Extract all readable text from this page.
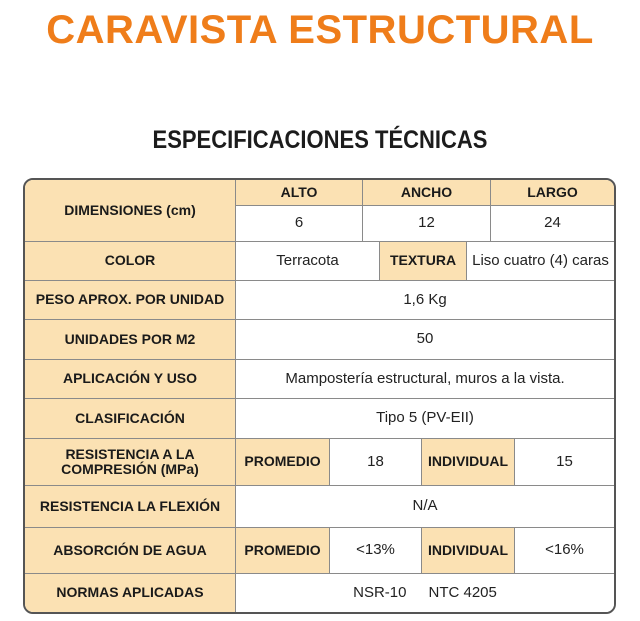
CARAVISTA ESTRUCTURAL
ESPECIFICACIONES TÉCNICAS
DIMENSIONES (cm)
ALTO	ANCHO	LARGO
6	12	24
COLOR	Terracota	TEXTURA	Liso cuatro (4) caras
PESO APROX. POR UNIDAD	1,6 Kg
UNIDADES POR M2	50
APLICACIÓN Y USO	Mampostería estructural, muros a la vista.
CLASIFICACIÓN	Tipo 5 (PV-EII)
RESISTENCIA A LA
COMPRESIÓN (MPa)	PROMEDIO	18	INDIVIDUAL	15
RESISTENCIA LA FLEXIÓN	N/A
ABSORCIÓN DE AGUA	PROMEDIO	<13%	INDIVIDUAL	<16%
NORMAS APLICADAS	NSR-10 NTC 4205
